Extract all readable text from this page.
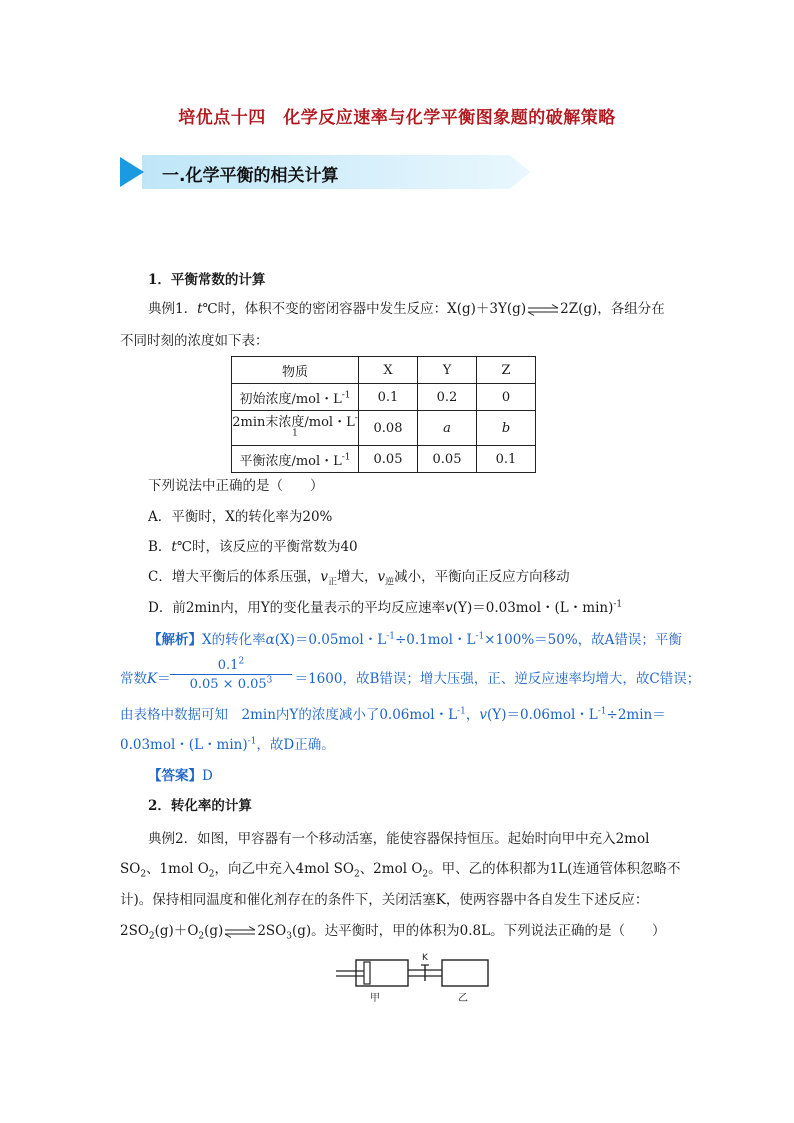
培优点十四　化学反应速率与化学平衡图象题的破解策略
一.化学平衡的相关计算
1．平衡常数的计算
典例1．t℃时，体积不变的密闭容器中发生反应：X(g)＋3Y(g)⇌2Z(g)，各组分在
不同时刻的浓度如下表：
物质	X	Y	Z
初始浓度/mol・$L^{-1}$	0.1	0.2	0
2min末浓度/mol・$L^{-1}$	0.08	a	b
平衡浓度/mol・$L^{-1}$	0.05	0.05	0.1
下列说法中正确的是（　　）
A．平衡时，X的转化率为20%
B．t℃时，该反应的平衡常数为40
C．增大平衡后的体系压强，$v_正$增大，$v_逆$减小，平衡向正反应方向移动
D．前2min内，用Y的变化量表示的平均反应速率v(Y)＝0.03mol・(L・min)$^{-1}$
【解析】X的转化率α(X)＝0.05mol・$L^{-1}\div 0.1mol$・$L^{-1}\times 100\%=50\%$，故A错误；平衡
常数K＝	＝1600，故B错误；增大压强，正、逆反应速率均增大，故C错误；
$\frac{0.1^2}{0.05 \times 0.05^3}$
由表格中数据可知　2min内Y的浓度减小了0.06mol・$L^{-1}$，v(Y)＝0.06mol・$L^{-1}\div 2\min=$
0.03mol・(L・min)$^{-1}$，故D正确。
【答案】D
2．转化率的计算
典例2．如图，甲容器有一个移动活塞，能使容器保持恒压。起始时向甲中充入2mol
$SO_2$、1mol $O_2$，向乙中充入4mol $SO_2$、2mol $O_2$。甲、乙的体积都为1L(连通管体积忽略不
计)。保持相同温度和催化剂存在的条件下，关闭活塞K，使两容器中各自发生下述反应：
$2SO_2(g)+O_2(g)\rightleftharpoons 2SO_3(g)$。达平衡时，甲的体积为0.8L。下列说法正确的是（　　）
K
甲	乙
